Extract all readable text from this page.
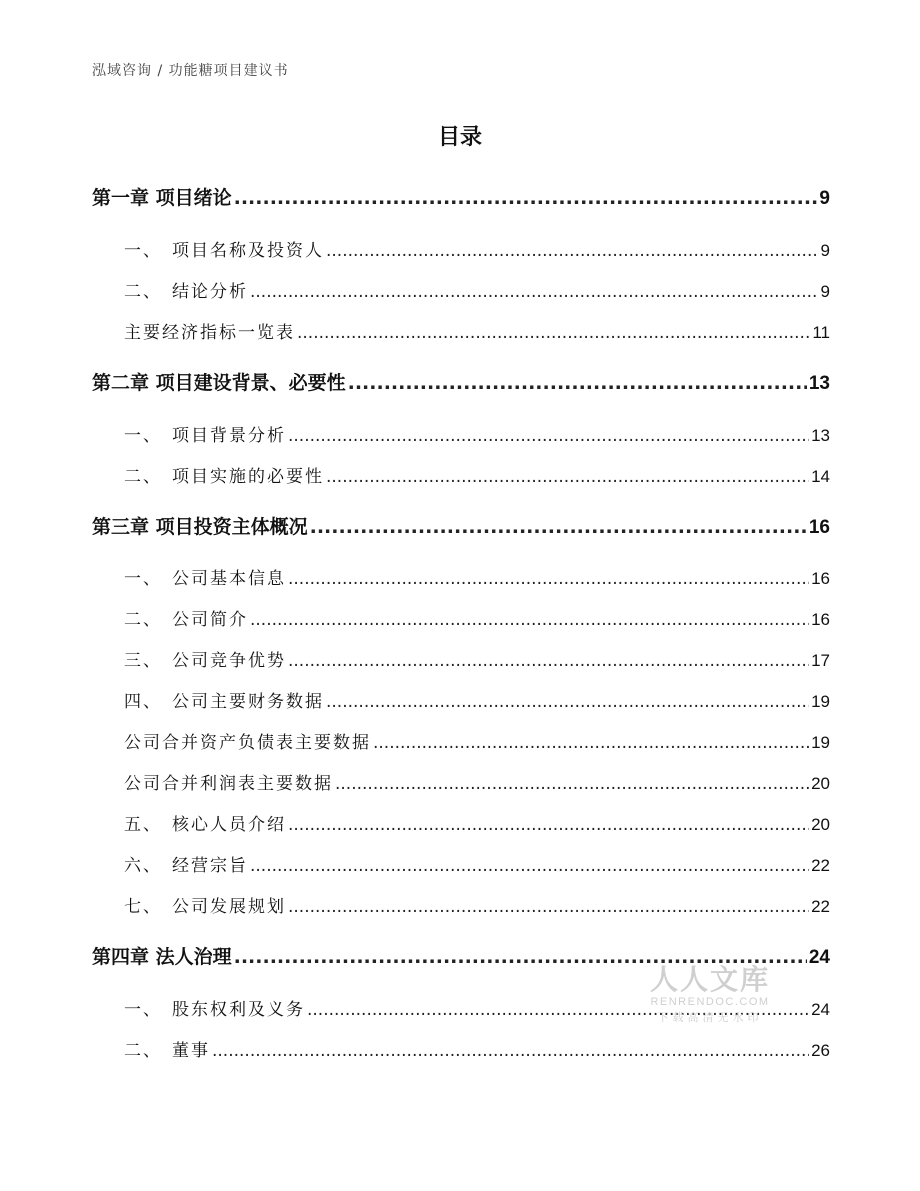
泓域咨询 / 功能糖项目建议书
目录
第一章 项目绪论 .....	9
一、 项目名称及投资人 .....	9
二、 结论分析 .....	9
主要经济指标一览表 .....	11
第二章 项目建设背景、必要性 .....	13
一、 项目背景分析 .....	13
二、 项目实施的必要性 .....	14
第三章 项目投资主体概况 .....	16
一、 公司基本信息 .....	16
二、 公司简介 .....	16
三、 公司竞争优势 .....	17
四、 公司主要财务数据 .....	19
公司合并资产负债表主要数据 .....	19
公司合并利润表主要数据 .....	20
五、 核心人员介绍 .....	20
六、 经营宗旨 .....	22
七、 公司发展规划 .....	22
第四章 法人治理 .....	24
一、 股东权利及义务 .....	24
二、 董事 .....	26
人人文库
RENRENDOC.COM
下载高清无水印
